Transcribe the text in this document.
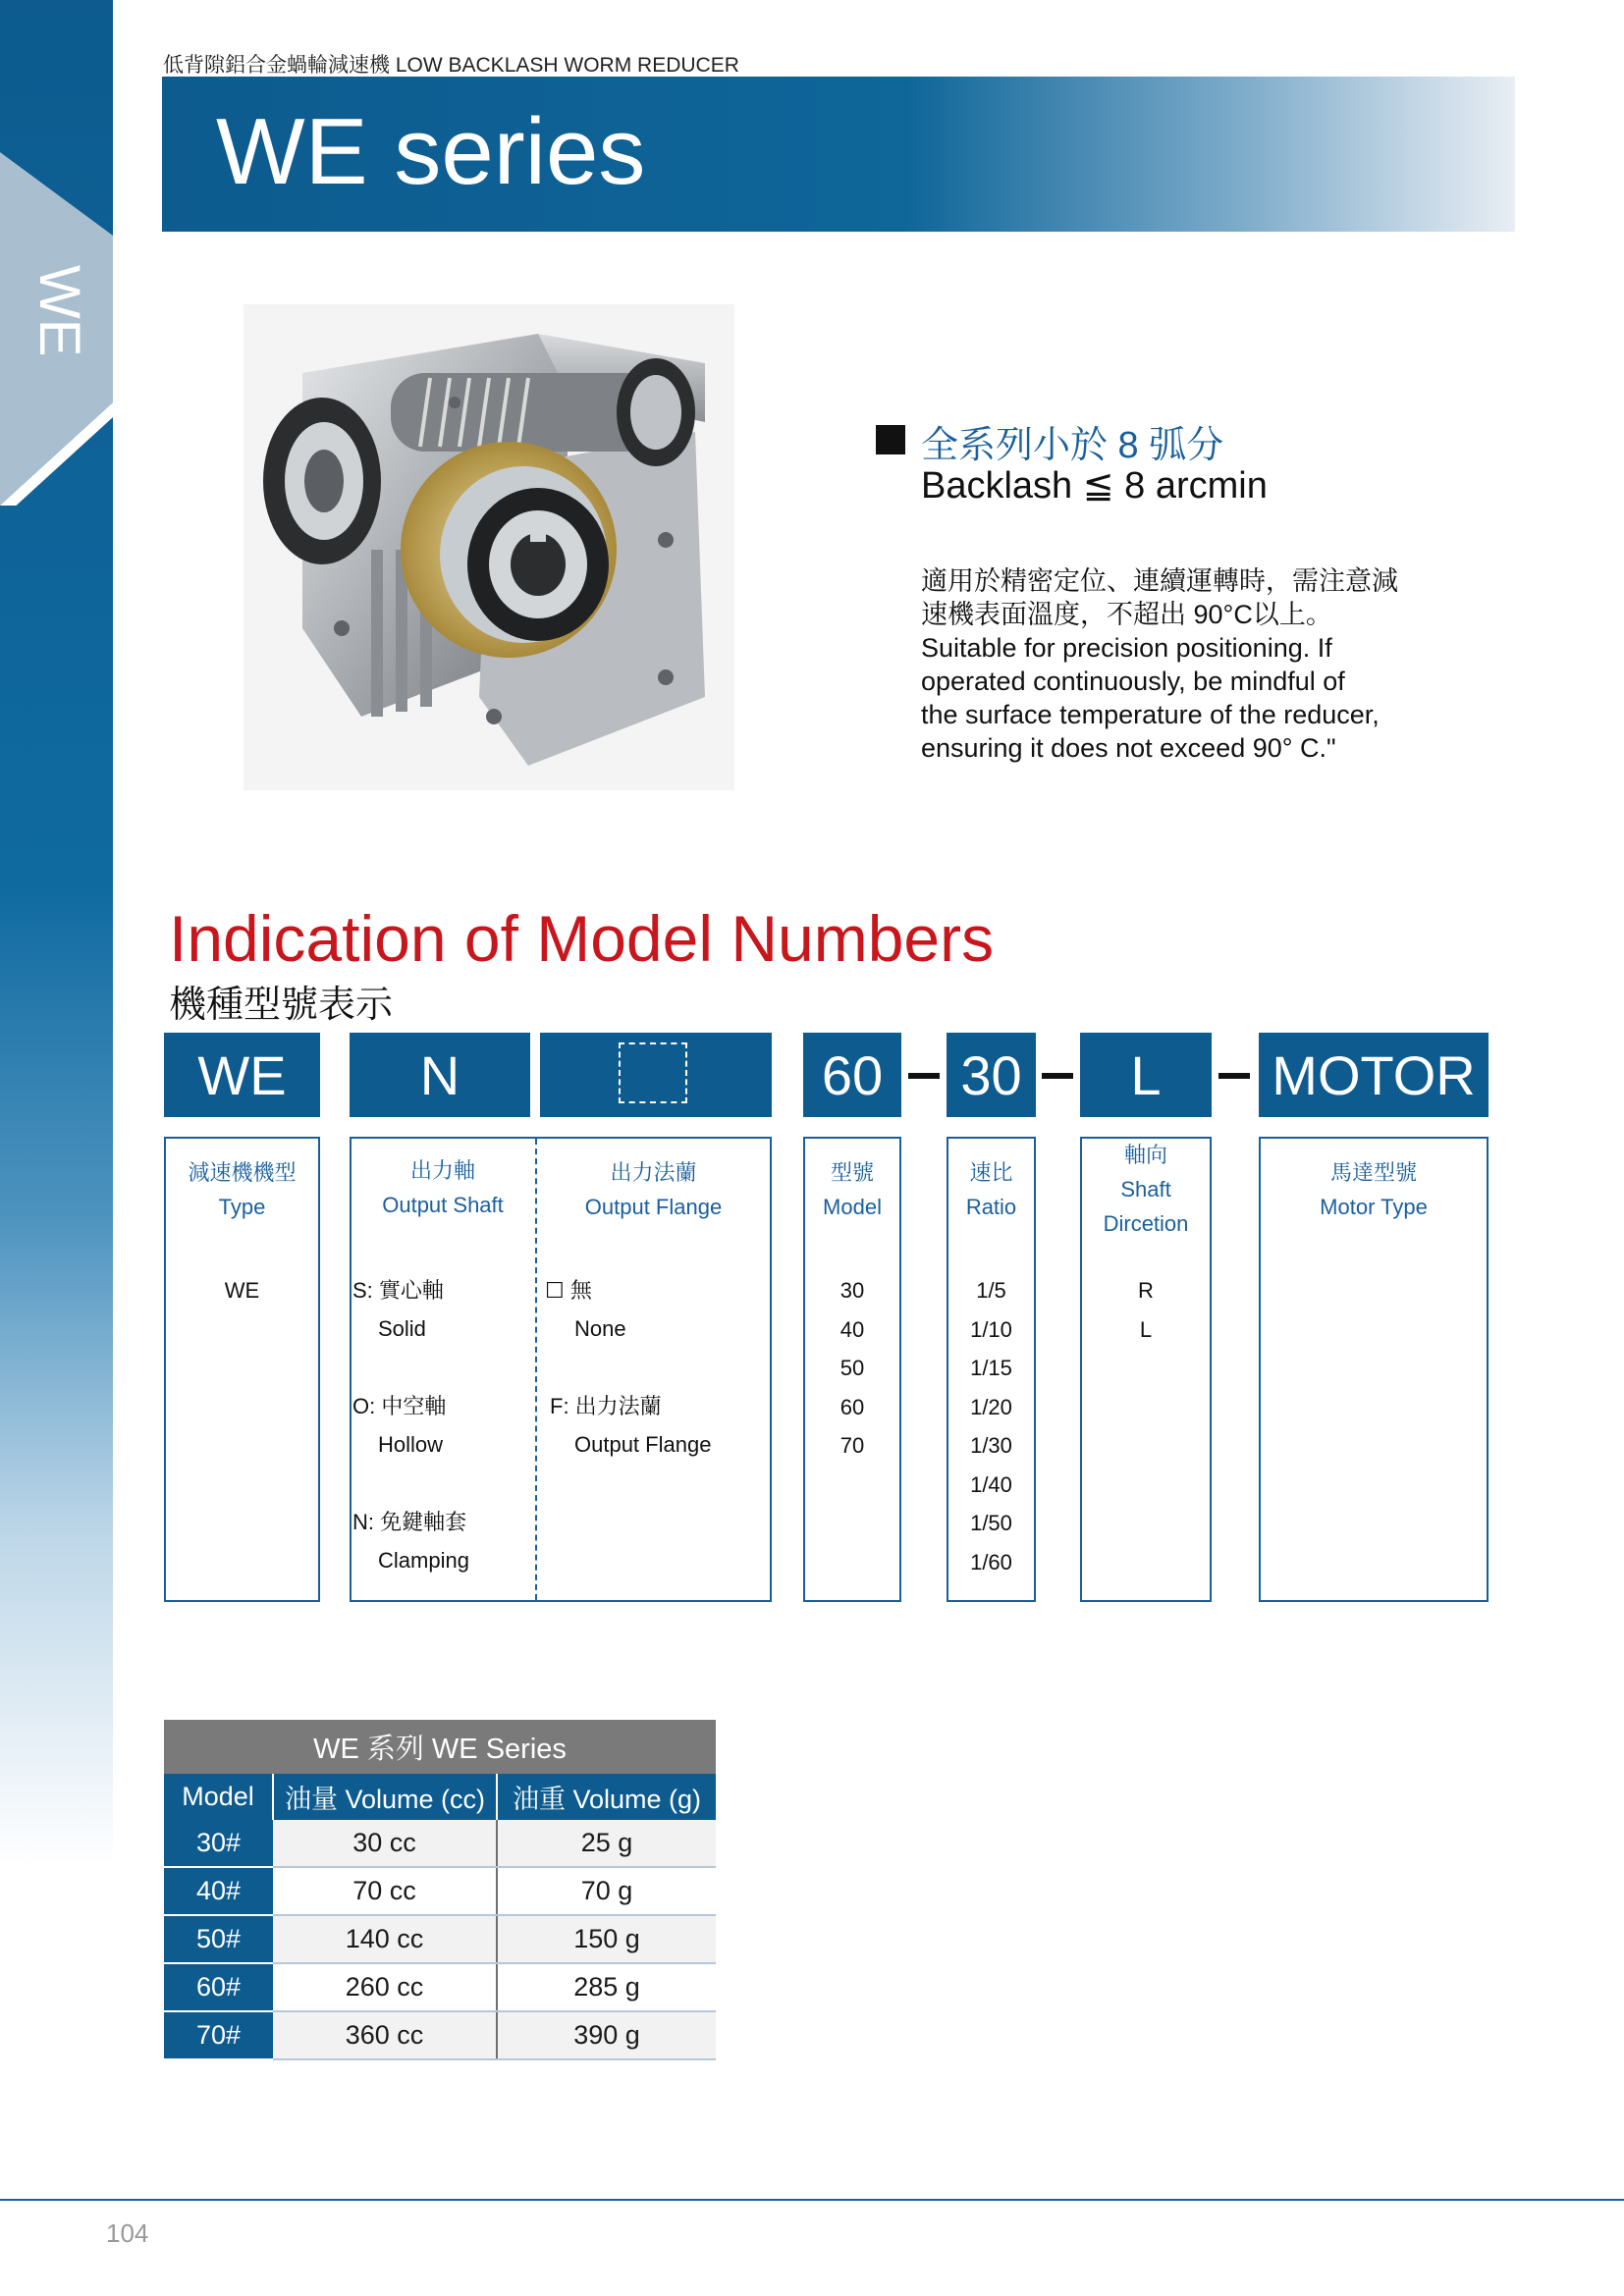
WE
低背隙鋁合金蝸輪減速機 LOW BACKLASH WORM REDUCER
WE series
全系列小於 8 弧分
Backlash ≦ 8 arcmin
適用於精密定位、連續運轉時，需注意減
速機表面溫度，不超出 90°C以上。
Suitable for precision positioning. If
operated continuously, be mindful of
the surface temperature of the reducer,
ensuring it does not exceed 90° C."
Indication of Model Numbers
機種型號表示
WE	N	60	30	L	MOTOR
減速機機型
Type
WE
出力軸
Output Shaft
S: 實心軸
Solid
O: 中空軸
Hollow
N: 免鍵軸套
Clamping
出力法蘭
Output Flange
☐ 無
None
F: 出力法蘭
Output Flange
型號
Model
30
40
50
60
70
速比
Ratio
1/5
1/10
1/15
1/20
1/30
1/40
1/50
1/60
軸向
Shaft
Dircetion
R
L
馬達型號
Motor Type
WE 系列 WE Series		
Model	油量 Volume (cc)	油重 Volume (g)
30#	30 cc	25 g
40#	70 cc	70 g
50#	140 cc	150 g
60#	260 cc	285 g
70#	360 cc	390 g
104
